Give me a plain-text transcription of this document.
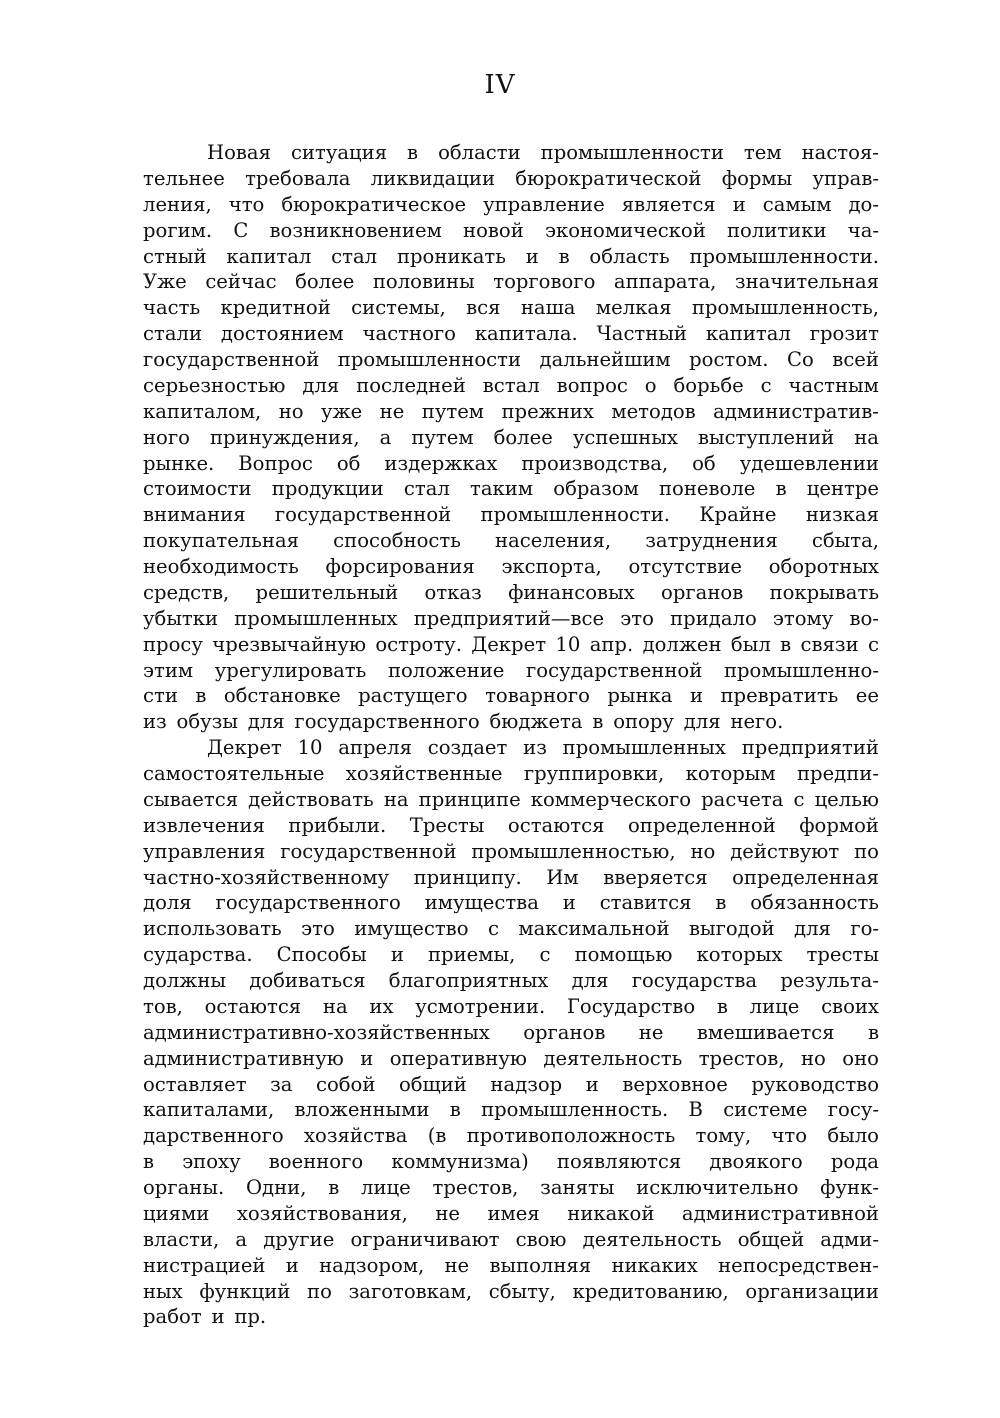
IV
Новая ситуация в области промышленности тем настоя-
тельнее требовала ликвидации бюрократической формы управ-
ления, что бюрократическое управление является и самым до-
рогим. С возникновением новой экономической политики ча-
стный капитал стал проникать и в область промышленности.
Уже сейчас более половины торгового аппарата, значительная
часть кредитной системы, вся наша мелкая промышленность,
стали достоянием частного капитала. Частный капитал грозит
государственной промышленности дальнейшим ростом. Со всей
серьезностью для последней встал вопрос о борьбе с частным
капиталом, но уже не путем прежних методов административ-
ного принуждения, а путем более успешных выступлений на
рынке. Вопрос об издержках производства, об удешевлении
стоимости продукции стал таким образом поневоле в центре
внимания государственной промышленности. Крайне низкая
покупательная способность населения, затруднения сбыта,
необходимость форсирования экспорта, отсутствие оборотных
средств, решительный отказ финансовых органов покрывать
убытки промышленных предприятий—все это придало этому во-
просу чрезвычайную остроту. Декрет 10 апр. должен был в связи с
этим урегулировать положение государственной промышленно-
сти в обстановке растущего товарного рынка и превратить ее
из обузы для государственного бюджета в опору для него.
Декрет 10 апреля создает из промышленных предприятий
самостоятельные хозяйственные группировки, которым предпи-
сывается действовать на принципе коммерческого расчета с целью
извлечения прибыли. Тресты остаются определенной формой
управления государственной промышленностью, но действуют по
частно-хозяйственному принципу. Им вверяется определенная
доля государственного имущества и ставится в обязанность
использовать это имущество с максимальной выгодой для го-
сударства. Способы и приемы, с помощью которых тресты
должны добиваться благоприятных для государства результа-
тов, остаются на их усмотрении. Государство в лице своих
административно-хозяйственных органов не вмешивается в
административную и оперативную деятельность трестов, но оно
оставляет за собой общий надзор и верховное руководство
капиталами, вложенными в промышленность. В системе госу-
дарственного хозяйства (в противоположность тому, что было
в эпоху военного коммунизма) появляются двоякого рода
органы. Одни, в лице трестов, заняты исключительно функ-
циями хозяйствования, не имея никакой административной
власти, а другие ограничивают свою деятельность общей адми-
нистрацией и надзором, не выполняя никаких непосредствен-
ных функций по заготовкам, сбыту, кредитованию, организации
работ и пр.
